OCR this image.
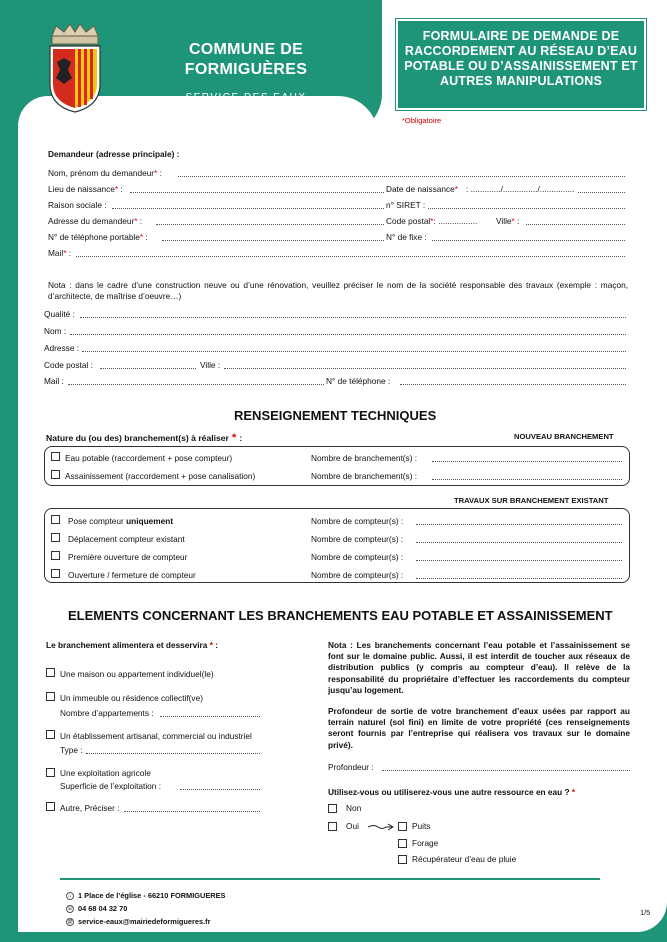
COMMUNE DE
FORMIGUÈRES
SERVICE DES EAUX
FORMULAIRE DE DEMANDE DE RACCORDEMENT AU RÉSEAU D’EAU POTABLE OU D’ASSAINISSEMENT ET AUTRES MANIPULATIONS
*Obligatoire
Demandeur (adresse principale) :
Nom, prénom du demandeur* :
Lieu de naissance* :	Date de naissance* : ............./.............../...............
Raison sociale :	n° SIRET :
Adresse du demandeur* :	Code postal*: ................. Ville* :
N° de téléphone portable* :	N° de fixe :
Mail* :
Nota : dans le cadre d’une construction neuve ou d’une rénovation, veuillez préciser le nom de la société responsable des travaux (exemple : maçon, d’architecte, de maîtrise d’oeuvre…)
Qualité :
Nom :
Adresse :
Code postal :	Ville :
Mail :	N° de téléphone :
RENSEIGNEMENT TECHNIQUES
Nature du (ou des) branchement(s) à réaliser * :	NOUVEAU BRANCHEMENT
Eau potable (raccordement + pose compteur)	Nombre de branchement(s) :
Assainissement (raccordement + pose canalisation)	Nombre de branchement(s) :
TRAVAUX SUR BRANCHEMENT EXISTANT
Pose compteur uniquement	Nombre de compteur(s) :
Déplacement compteur existant	Nombre de compteur(s) :
Première ouverture de compteur	Nombre de compteur(s) :
Ouverture / fermeture de compteur	Nombre de compteur(s) :
ELEMENTS CONCERNANT LES BRANCHEMENTS EAU POTABLE ET ASSAINISSEMENT
Le branchement alimentera et desservira * :
Une maison ou appartement individuel(le)
Un immeuble ou résidence collectif(ve)
Nombre d’appartements :
Un établissement artisanal, commercial ou industriel
Type :
Une exploitation agricole
Superficie de l’exploitation :
Autre, Préciser :
Nota : Les branchements concernant l’eau potable et l’assainissement se font sur le domaine public. Aussi, il est interdit de toucher aux réseaux de distribution publics (y compris au compteur d’eau). Il relève de la responsabilité du propriétaire d’effectuer les raccordements du compteur jusqu’au logement.
Profondeur de sortie de votre branchement d’eaux usées par rapport au terrain naturel (sol fini) en limite de votre propriété (ces renseignements seront fournis par l’entreprise qui réalisera vos travaux sur le domaine privé).
Profondeur :
Utilisez-vous ou utiliserez-vous une autre ressource en eau ? *
Non
Oui	Puits
Forage
Récupérateur d’eau de pluie
⌂ 1 Place de l’église - 66210 FORMIGUERES
☏ 04 68 04 32 70
@ service-eaux@mairiedeformigueres.fr
1/5
